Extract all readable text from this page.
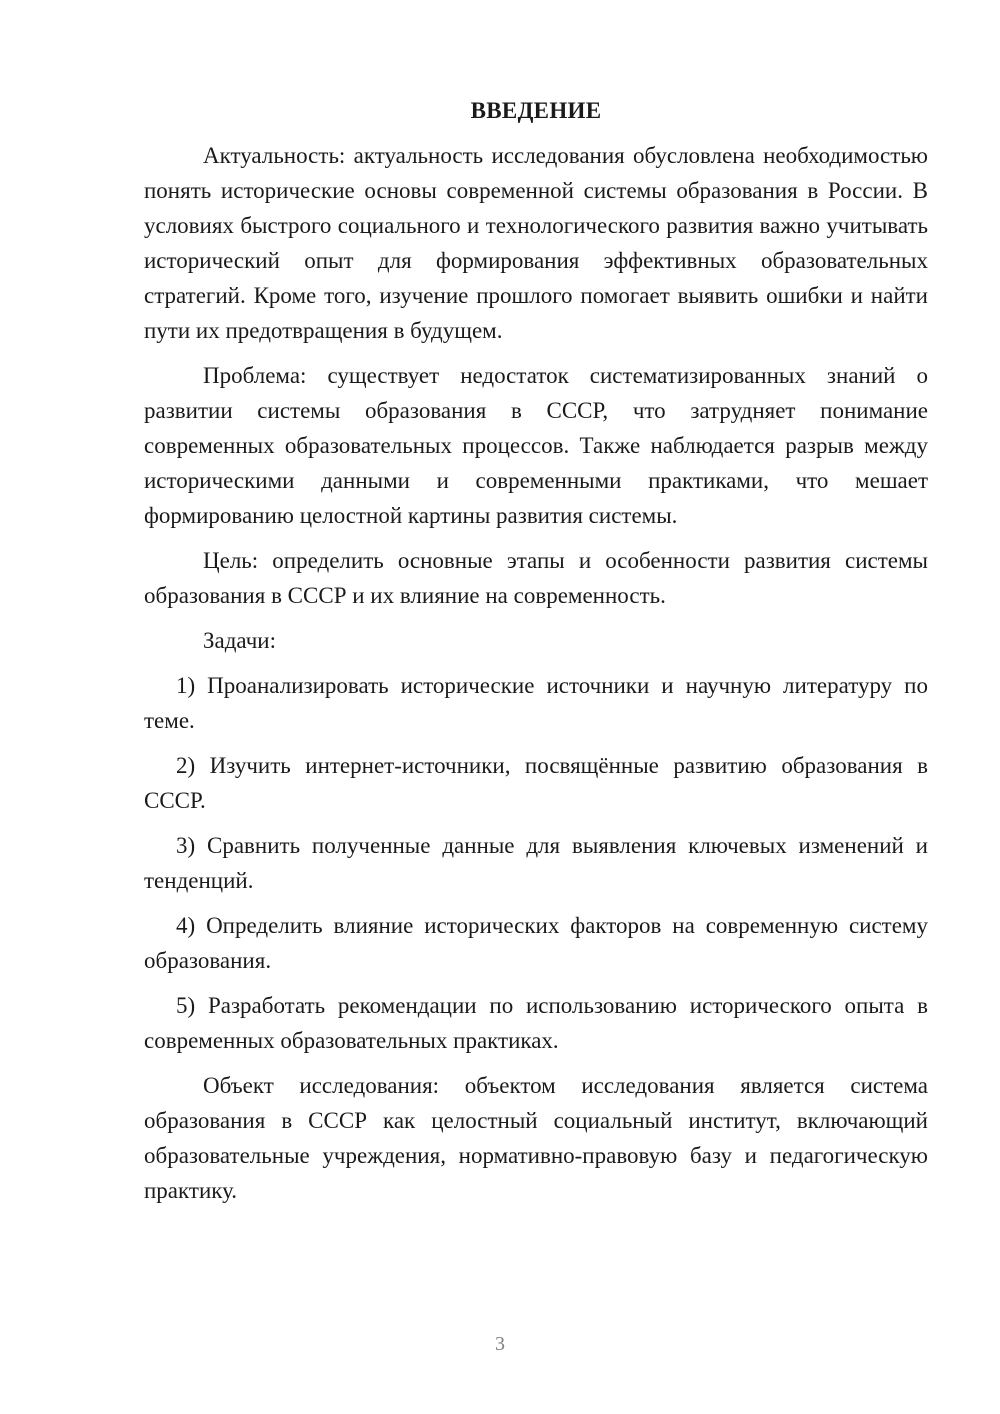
ВВЕДЕНИЕ

Актуальность: актуальность исследования обусловлена необходимостью понять исторические основы современной системы образования в России. В условиях быстрого социального и технологического развития важно учитывать исторический опыт для формирования эффективных образовательных стратегий. Кроме того, изучение прошлого помогает выявить ошибки и найти пути их предотвращения в будущем.

Проблема: существует недостаток систематизированных знаний о развитии системы образования в СССР, что затрудняет понимание современных образовательных процессов. Также наблюдается разрыв между историческими данными и современными практиками, что мешает формированию целостной картины развития системы.

Цель: определить основные этапы и особенности развития системы образования в СССР и их влияние на современность.

Задачи:

1) Проанализировать исторические источники и научную литературу по теме.

2) Изучить интернет-источники, посвящённые развитию образования в СССР.

3) Сравнить полученные данные для выявления ключевых изменений и тенденций.

4) Определить влияние исторических факторов на современную систему образования.

5) Разработать рекомендации по использованию исторического опыта в современных образовательных практиках.

Объект исследования: объектом исследования является система образования в СССР как целостный социальный институт, включающий образовательные учреждения, нормативно-правовую базу и педагогическую практику.

3
